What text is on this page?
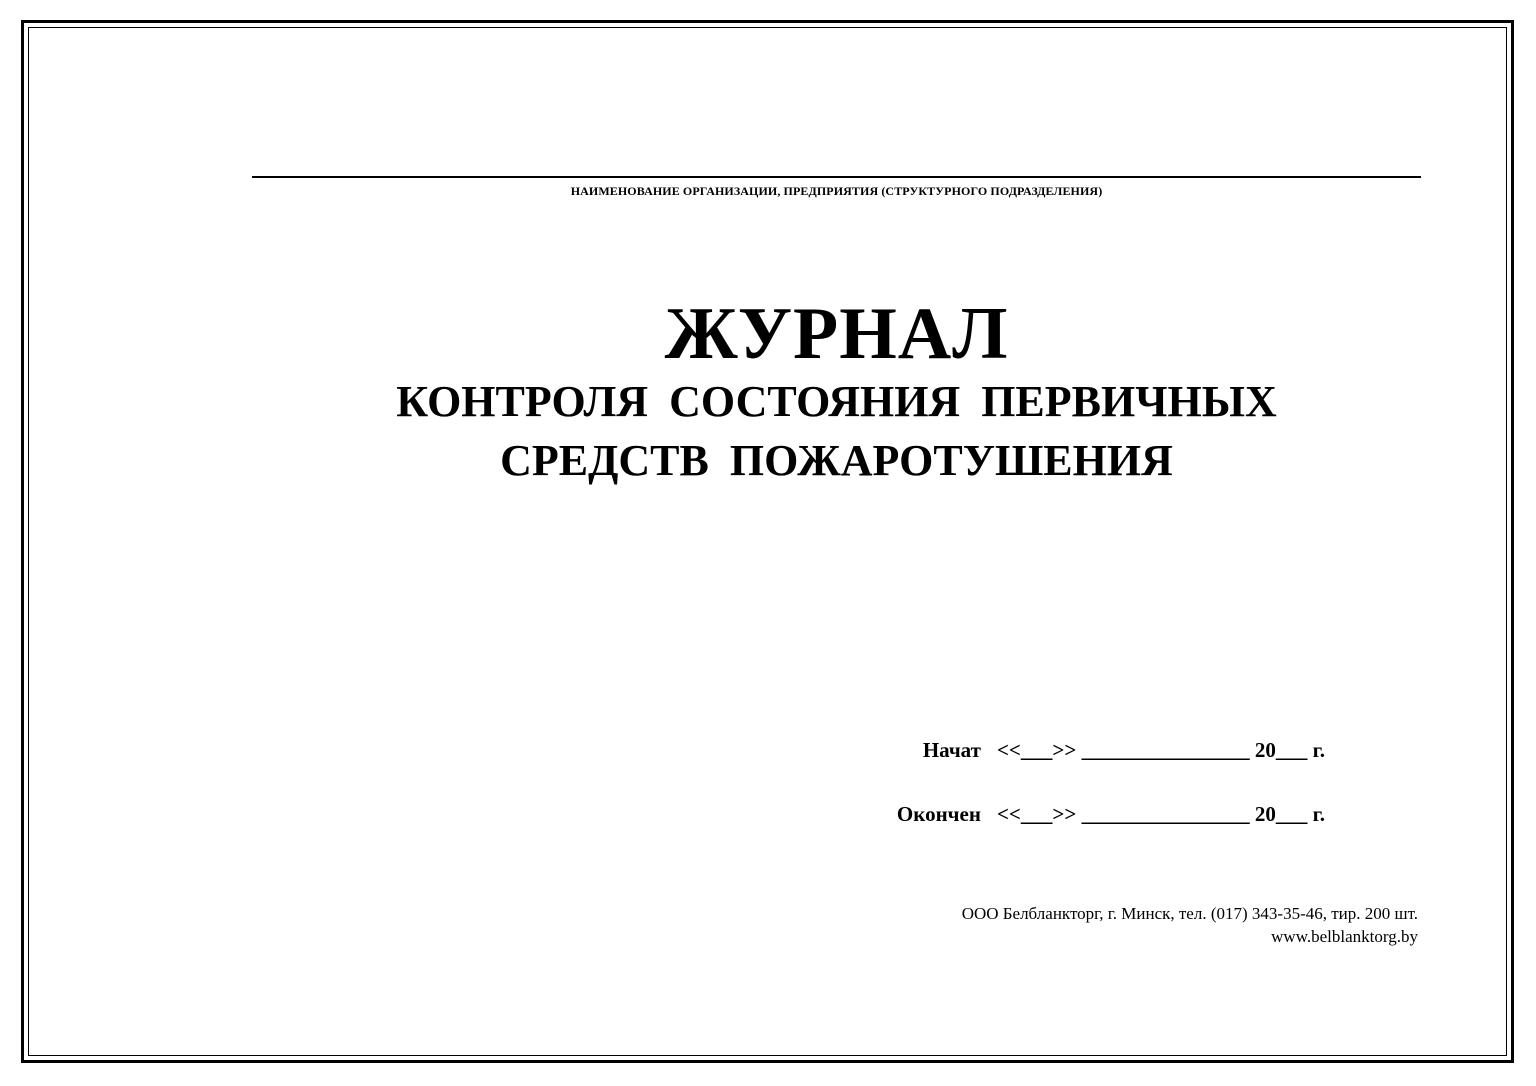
НАИМЕНОВАНИЕ ОРГАНИЗАЦИИ, ПРЕДПРИЯТИЯ (СТРУКТУРНОГО ПОДРАЗДЕЛЕНИЯ)
ЖУРНАЛ
КОНТРОЛЯ СОСТОЯНИЯ ПЕРВИЧНЫХ
СРЕДСТВ ПОЖАРОТУШЕНИЯ
Начат <<___>> ________________ 20___ г.
Окончен <<___>> ________________ 20___ г.
ООО Белбланкторг, г. Минск, тел. (017) 343-35-46, тир. 200 шт.
www.belblanktorg.by
